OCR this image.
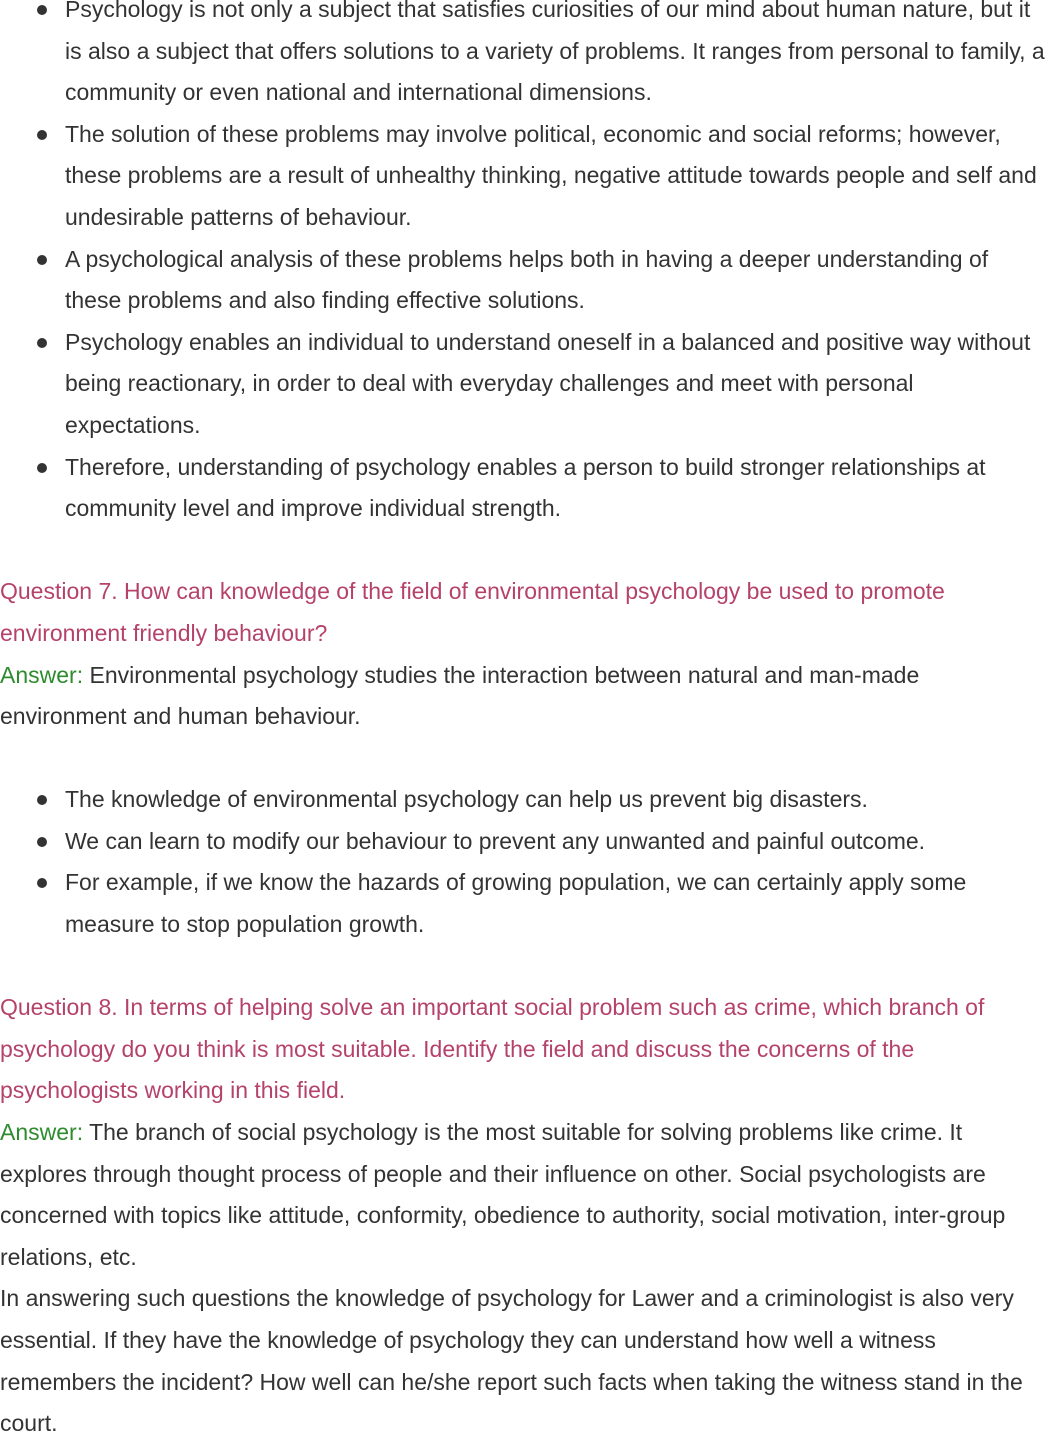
Psychology is not only a subject that satisfies curiosities of our mind about human nature, but it is also a subject that offers solutions to a variety of problems. It ranges from personal to family, a community or even national and international dimensions.
The solution of these problems may involve political, economic and social reforms; however, these problems are a result of unhealthy thinking, negative attitude towards people and self and undesirable patterns of behaviour.
A psychological analysis of these problems helps both in having a deeper understanding of these problems and also finding effective solutions.
Psychology enables an individual to understand oneself in a balanced and positive way without being reactionary, in order to deal with everyday challenges and meet with personal expectations.
Therefore, understanding of psychology enables a person to build stronger relationships at community level and improve individual strength.

Question 7. How can knowledge of the field of environmental psychology be used to promote environment friendly behaviour?

Answer: Environmental psychology studies the interaction between natural and man-made environment and human behaviour.

The knowledge of environmental psychology can help us prevent big disasters.
We can learn to modify our behaviour to prevent any unwanted and painful outcome.
For example, if we know the hazards of growing population, we can certainly apply some measure to stop population growth.

Question 8. In terms of helping solve an important social problem such as crime, which branch of psychology do you think is most suitable. Identify the field and discuss the concerns of the psychologists working in this field.

Answer: The branch of social psychology is the most suitable for solving problems like crime. It explores through thought process of people and their influence on other. Social psychologists are concerned with topics like attitude, conformity, obedience to authority, social motivation, inter-group relations, etc.

In answering such questions the knowledge of psychology for Lawer and a criminologist is also very essential. If they have the knowledge of psychology they can understand how well a witness remembers the incident? How well can he/she report such facts when taking the witness stand in the court.
